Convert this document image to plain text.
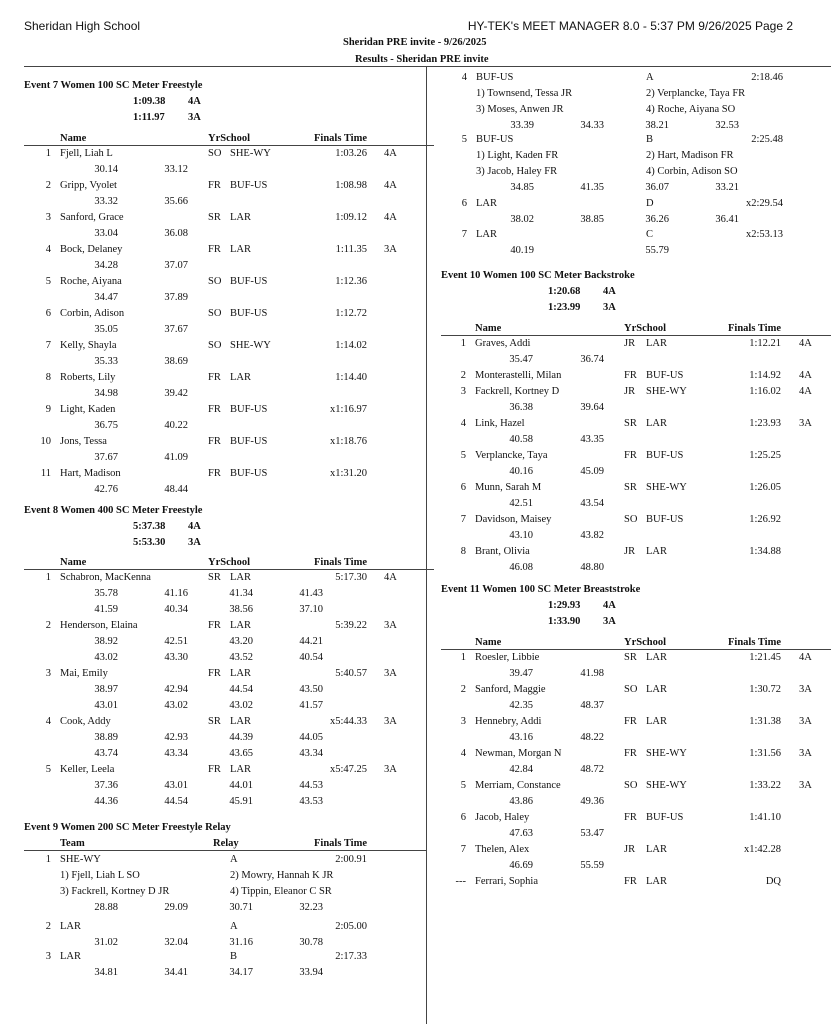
Sheridan High School	HY-TEK's MEET MANAGER 8.0 - 5:37 PM 9/26/2025 Page 2
Sheridan PRE invite - 9/26/2025
Results - Sheridan PRE invite
Event 7 Women 100 SC Meter Freestyle
1:09.38 4A
1:11.97 3A
Name	YrSchool	Finals Time
1 Fjell, Liah L	SO SHE-WY	1:03.26 4A
30.14	33.12
2 Gripp, Vyolet	FR BUF-US	1:08.98 4A
33.32	35.66
3 Sanford, Grace	SR LAR	1:09.12 4A
33.04	36.08
4 Bock, Delaney	FR LAR	1:11.35 3A
34.28	37.07
5 Roche, Aiyana	SO BUF-US	1:12.36
34.47	37.89
6 Corbin, Adison	SO BUF-US	1:12.72
35.05	37.67
7 Kelly, Shayla	SO SHE-WY	1:14.02
35.33	38.69
8 Roberts, Lily	FR LAR	1:14.40
34.98	39.42
9 Light, Kaden	FR BUF-US	x1:16.97
36.75	40.22
10 Jons, Tessa	FR BUF-US	x1:18.76
37.67	41.09
11 Hart, Madison	FR BUF-US	x1:31.20
42.76	48.44
Event 8 Women 400 SC Meter Freestyle
5:37.38 4A
5:53.30 3A
Name	YrSchool	Finals Time
1 Schabron, MacKenna	SR LAR	5:17.30 4A
35.78	41.16	41.34	41.43
41.59	40.34	38.56	37.10
2 Henderson, Elaina	FR LAR	5:39.22 3A
38.92	42.51	43.20	44.21
43.02	43.30	43.52	40.54
3 Mai, Emily	FR LAR	5:40.57 3A
38.97	42.94	44.54	43.50
43.01	43.02	43.02	41.57
4 Cook, Addy	SR LAR	x5:44.33 3A
38.89	42.93	44.39	44.05
43.74	43.34	43.65	43.34
5 Keller, Leela	FR LAR	x5:47.25 3A
37.36	43.01	44.01	44.53
44.36	44.54	45.91	43.53
Event 9 Women 200 SC Meter Freestyle Relay
Team	Relay	Finals Time
1 SHE-WY	A	2:00.91
1) Fjell, Liah L SO	2) Mowry, Hannah K JR
3) Fackrell, Kortney D JR	4) Tippin, Eleanor C SR
28.88	29.09	30.71	32.23
2 LAR	A	2:05.00
31.02	32.04	31.16	30.78
3 LAR	B	2:17.33
34.81	34.41	34.17	33.94
4 BUF-US	A	2:18.46
1) Townsend, Tessa JR	2) Verplancke, Taya FR
3) Moses, Anwen JR	4) Roche, Aiyana SO
33.39	34.33	38.21	32.53
5 BUF-US	B	2:25.48
1) Light, Kaden FR	2) Hart, Madison FR
3) Jacob, Haley FR	4) Corbin, Adison SO
34.85	41.35	36.07	33.21
6 LAR	D	x2:29.54
38.02	38.85	36.26	36.41
7 LAR	C	x2:53.13
40.19	55.79
Event 10 Women 100 SC Meter Backstroke
1:20.68 4A
1:23.99 3A
Name	YrSchool	Finals Time
1 Graves, Addi	JR LAR	1:12.21 4A
35.47	36.74
2 Monterastelli, Milan	FR BUF-US	1:14.92 4A
3 Fackrell, Kortney D	JR SHE-WY	1:16.02 4A
36.38	39.64
4 Link, Hazel	SR LAR	1:23.93 3A
40.58	43.35
5 Verplancke, Taya	FR BUF-US	1:25.25
40.16	45.09
6 Munn, Sarah M	SR SHE-WY	1:26.05
42.51	43.54
7 Davidson, Maisey	SO BUF-US	1:26.92
43.10	43.82
8 Brant, Olivia	JR LAR	1:34.88
46.08	48.80
Event 11 Women 100 SC Meter Breaststroke
1:29.93 4A
1:33.90 3A
Name	YrSchool	Finals Time
1 Roesler, Libbie	SR LAR	1:21.45 4A
39.47	41.98
2 Sanford, Maggie	SO LAR	1:30.72 3A
42.35	48.37
3 Hennebry, Addi	FR LAR	1:31.38 3A
43.16	48.22
4 Newman, Morgan N	FR SHE-WY	1:31.56 3A
42.84	48.72
5 Merriam, Constance	SO SHE-WY	1:33.22 3A
43.86	49.36
6 Jacob, Haley	FR BUF-US	1:41.10
47.63	53.47
7 Thelen, Alex	JR LAR	x1:42.28
46.69	55.59
--- Ferrari, Sophia	FR LAR	DQ
